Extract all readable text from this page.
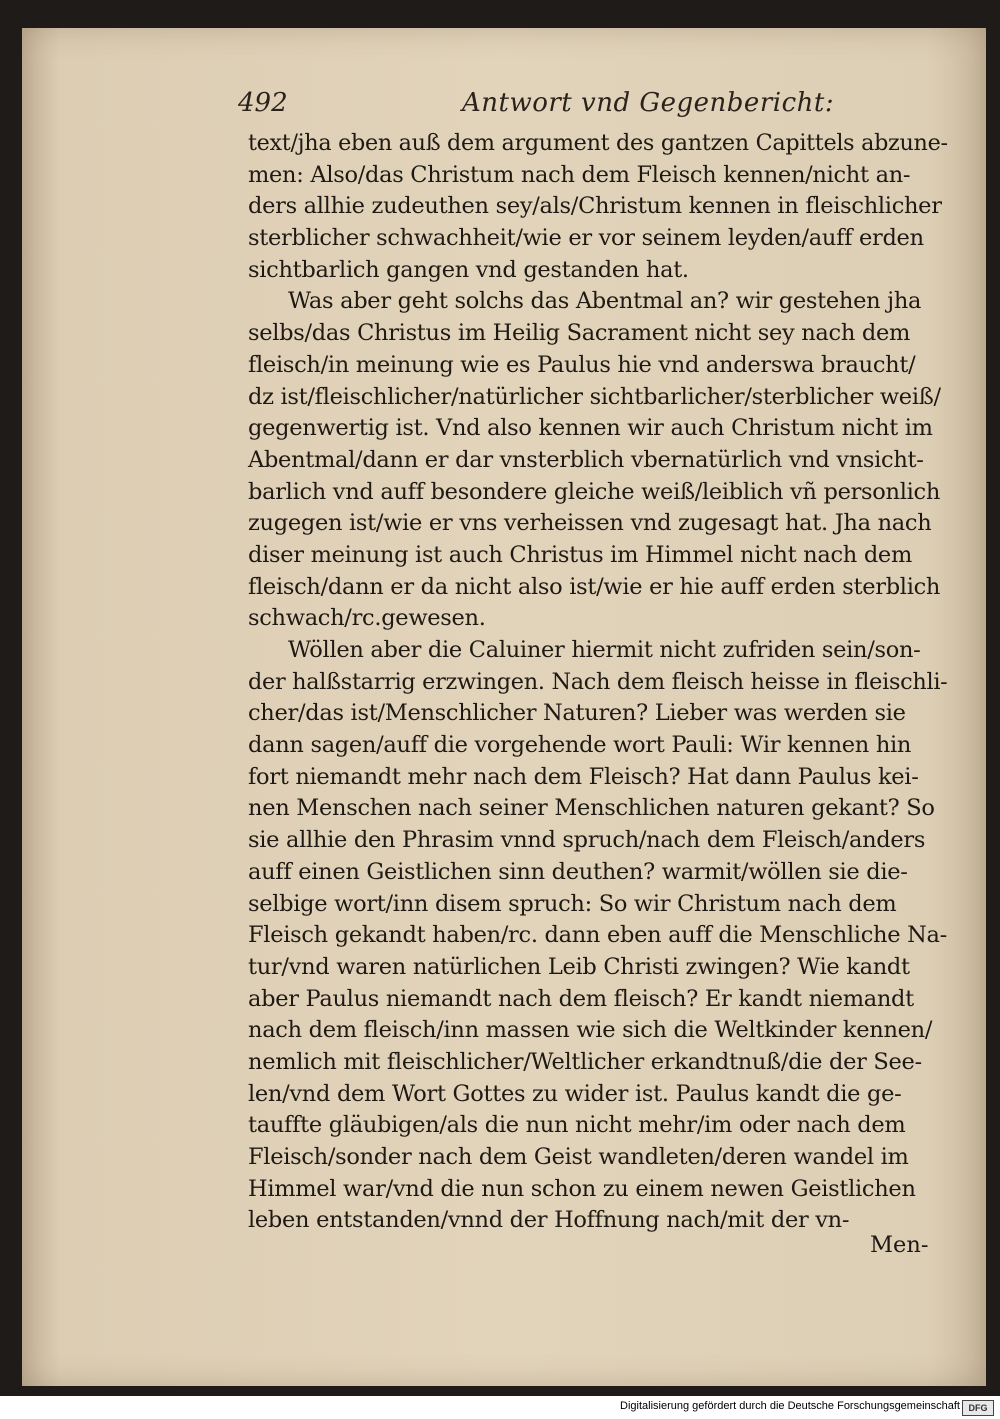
492	Antwort vnd Gegenbericht:
text/jha eben auß dem argument des gantzen Capittels abzune-
men: Also/das Christum nach dem Fleisch kennen/nicht an-
ders allhie zudeuthen sey/als/Christum kennen in fleischlicher
sterblicher schwachheit/wie er vor seinem leyden/auff erden
sichtbarlich gangen vnd gestanden hat.
Was aber geht solchs das Abentmal an? wir gestehen jha
selbs/das Christus im Heilig Sacrament nicht sey nach dem
fleisch/in meinung wie es Paulus hie vnd anderswa braucht/
dz ist/fleischlicher/natürlicher sichtbarlicher/sterblicher weiß/
gegenwertig ist. Vnd also kennen wir auch Christum nicht im
Abentmal/dann er dar vnsterblich vbernatürlich vnd vnsicht-
barlich vnd auff besondere gleiche weiß/leiblich vñ personlich
zugegen ist/wie er vns verheissen vnd zugesagt hat. Jha nach
diser meinung ist auch Christus im Himmel nicht nach dem
fleisch/dann er da nicht also ist/wie er hie auff erden sterblich
schwach/rc.gewesen.
Wöllen aber die Caluiner hiermit nicht zufriden sein/son-
der halßstarrig erzwingen. Nach dem fleisch heisse in fleischli-
cher/das ist/Menschlicher Naturen? Lieber was werden sie
dann sagen/auff die vorgehende wort Pauli: Wir kennen hin
fort niemandt mehr nach dem Fleisch? Hat dann Paulus kei-
nen Menschen nach seiner Menschlichen naturen gekant? So
sie allhie den Phrasim vnnd spruch/nach dem Fleisch/anders
auff einen Geistlichen sinn deuthen? warmit/wöllen sie die-
selbige wort/inn disem spruch: So wir Christum nach dem
Fleisch gekandt haben/rc. dann eben auff die Menschliche Na-
tur/vnd waren natürlichen Leib Christi zwingen? Wie kandt
aber Paulus niemandt nach dem fleisch? Er kandt niemandt
nach dem fleisch/inn massen wie sich die Weltkinder kennen/
nemlich mit fleischlicher/Weltlicher erkandtnuß/die der See-
len/vnd dem Wort Gottes zu wider ist. Paulus kandt die ge-
tauffte gläubigen/als die nun nicht mehr/im oder nach dem
Fleisch/sonder nach dem Geist wandleten/deren wandel im
Himmel war/vnd die nun schon zu einem newen Geistlichen
leben entstanden/vnnd der Hoffnung nach/mit der vn-
Men-
Digitalisierung gefördert durch die Deutsche Forschungsgemeinschaft DFG
